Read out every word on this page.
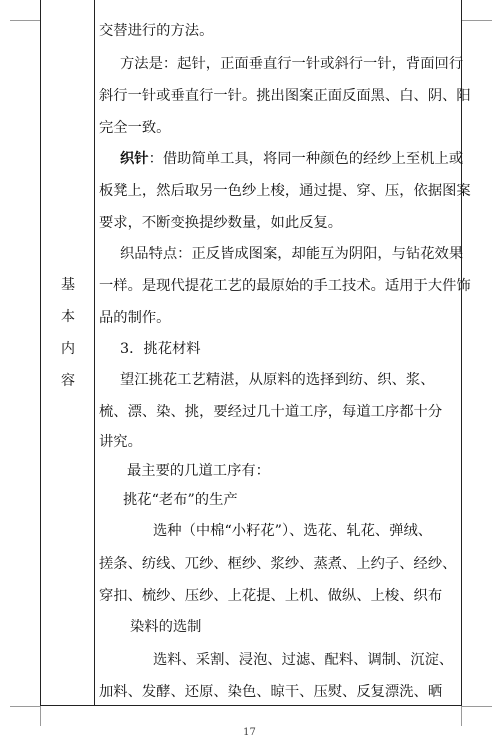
基
本
内
容
交替进行的方法。
方法是：起针，正面垂直行一针或斜行一针，背面回行
斜行一针或垂直行一针。挑出图案正面反面黑、白、阴、阳
完全一致。
织针：借助简单工具，将同一种颜色的经纱上至机上或
板凳上，然后取另一色纱上梭，通过提、穿、压，依据图案
要求，不断变换提纱数量，如此反复。
织品特点：正反皆成图案，却能互为阴阳，与钻花效果
一样。是现代提花工艺的最原始的手工技术。适用于大件饰
品的制作。
3．挑花材料
望江挑花工艺精湛，从原料的选择到纺、织、浆、
梳、漂、染、挑，要经过几十道工序，每道工序都十分
讲究。
最主要的几道工序有：
挑花“老布”的生产
选种（中棉“小籽花”）、选花、轧花、弹绒、
搓条、纺线、兀纱、框纱、浆纱、蒸煮、上约子、经纱、
穿扣、梳纱、压纱、上花提、上机、做纵、上梭、织布
染料的选制
选料、采割、浸泡、过滤、配料、调制、沉淀、
加料、发酵、还原、染色、晾干、压熨、反复漂洗、晒
17
